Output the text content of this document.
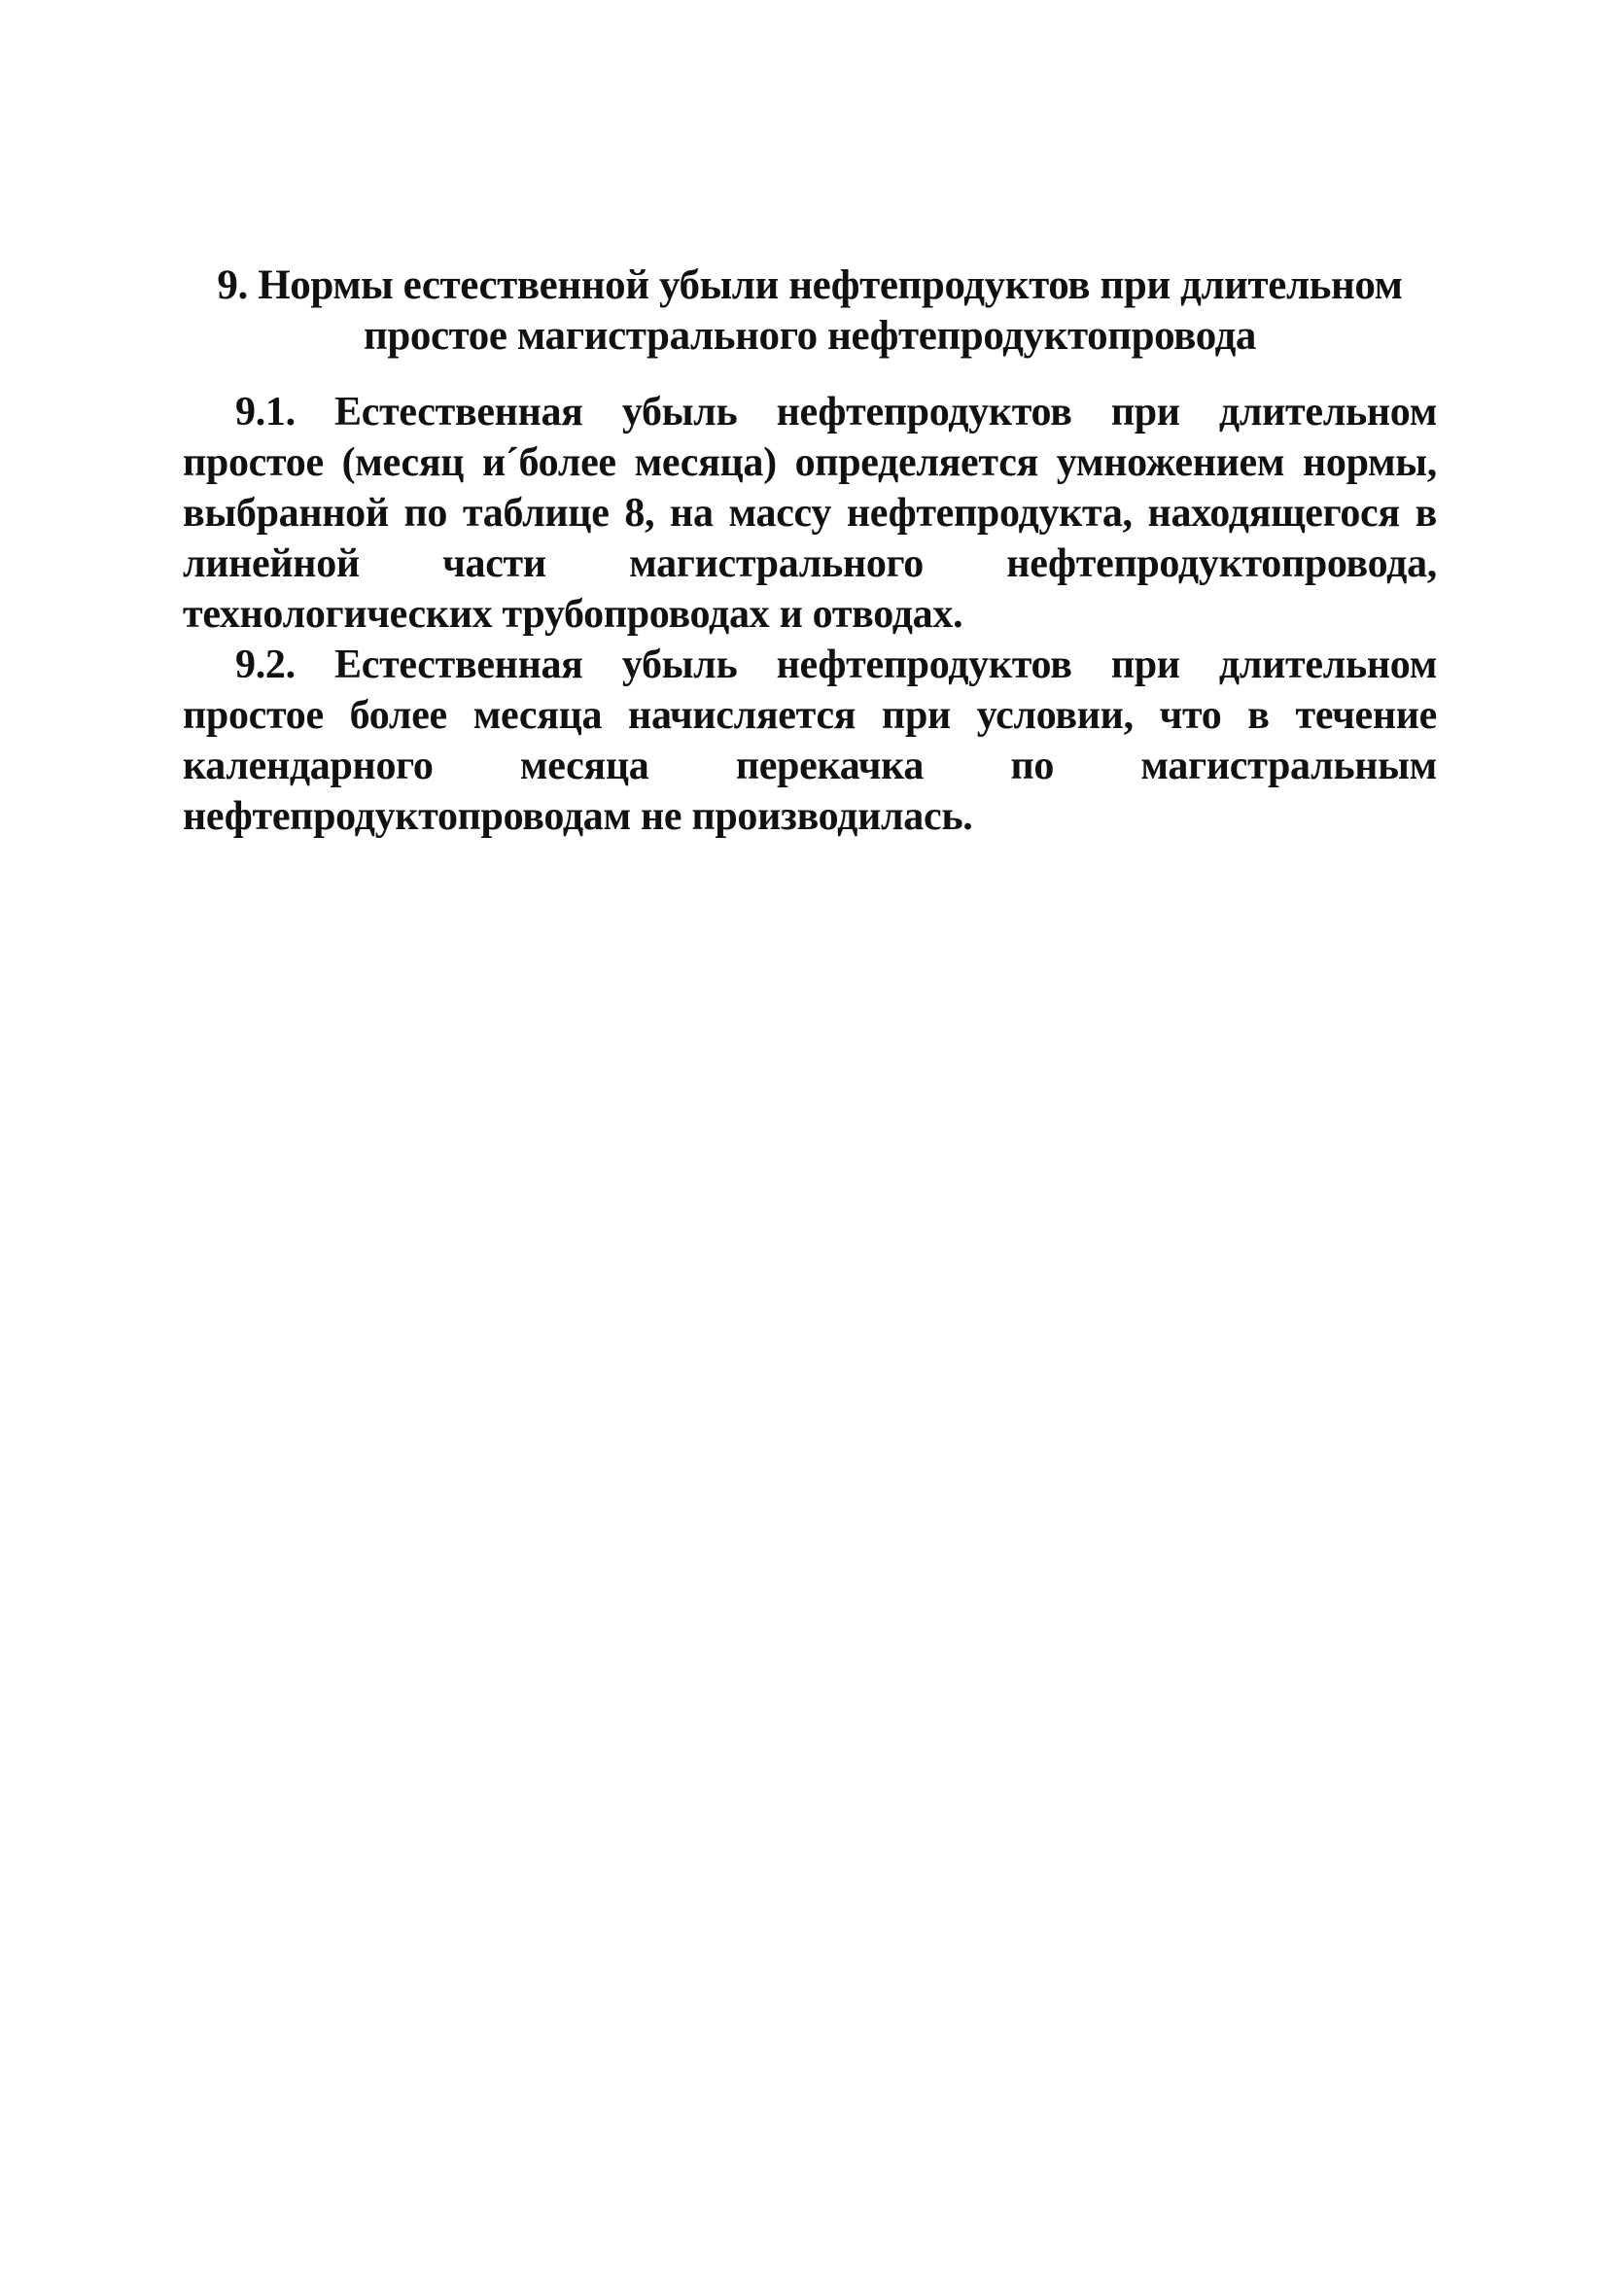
9. Нормы естественной убыли нефтепродуктов при длительном
простое магистрального нефтепродуктопровода

9.1. Естественная убыль нефтепродуктов при длительном простое (месяц и´более месяца) определяется умножением нормы, выбранной по таблице 8, на массу нефтепродукта, находящегося в линейной части магистрального нефтепродуктопровода, технологических трубопроводах и отводах.

9.2. Естественная убыль нефтепродуктов при длительном простое более месяца начисляется при условии, что в течение календарного месяца перекачка по магистральным нефтепродуктопроводам не производилась.
